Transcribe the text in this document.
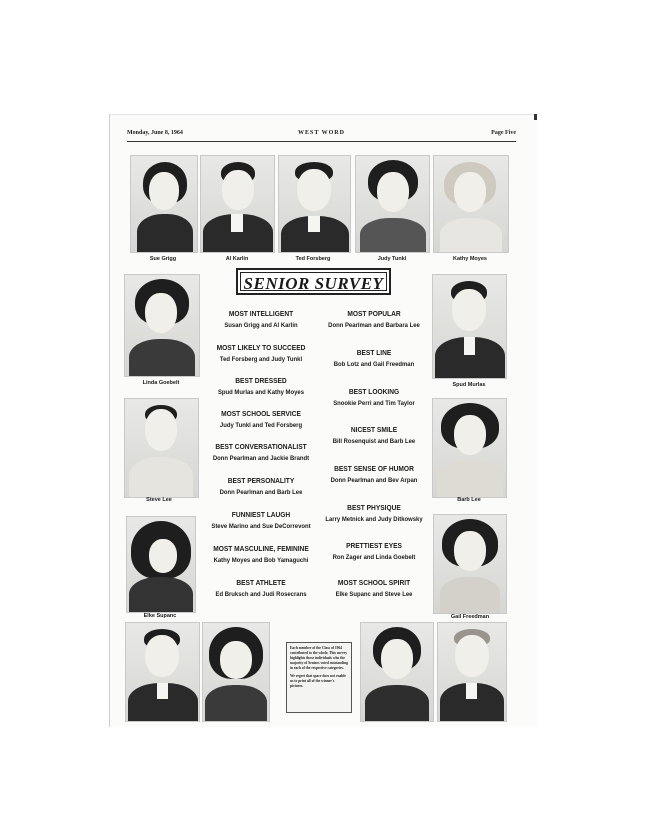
Monday, June 8, 1964	WEST WORD	Page Five
Sue Grigg	Al Karlin	Ted Forsberg	Judy Tunkl	Kathy Moyes
SENIOR SURVEY
Linda Goebelt
Steve Lee
Elke Supanc
Spud Murlas
Barb Lee
Gail Freedman
MOST INTELLIGENT
Susan Grigg and Al Karlin
MOST LIKELY TO SUCCEED
Ted Forsberg and Judy Tunkl
BEST DRESSED
Spud Murlas and Kathy Moyes
MOST SCHOOL SERVICE
Judy Tunkl and Ted Forsberg
BEST CONVERSATIONALIST
Donn Pearlman and Jackie Brandt
BEST PERSONALITY
Donn Pearlman and Barb Lee
FUNNIEST LAUGH
Steve Marino and Sue DeCorrevont
MOST MASCULINE, FEMININE
Kathy Moyes and Bob Yamaguchi
BEST ATHLETE
Ed Bruksch and Judi Rosecrans
MOST POPULAR
Donn Pearlman and Barbara Lee
BEST LINE
Bob Lotz and Gail Freedman
BEST LOOKING
Snookie Perri and Tim Taylor
NICEST SMILE
Bill Rosenquist and Barb Lee
BEST SENSE OF HUMOR
Donn Pearlman and Bev Arpan
BEST PHYSIQUE
Larry Metnick and Judy Ditkowsky
PRETTIEST EYES
Ron Zager and Linda Goebelt
MOST SCHOOL SPIRIT
Elke Supanc and Steve Lee

Each member of the Class of 1964 contributed to the whole. This survey highlights those individuals who the majority of Seniors voted outstanding in each of the respective categories.

We regret that space does not enable us to print all of the winner's pictures.
